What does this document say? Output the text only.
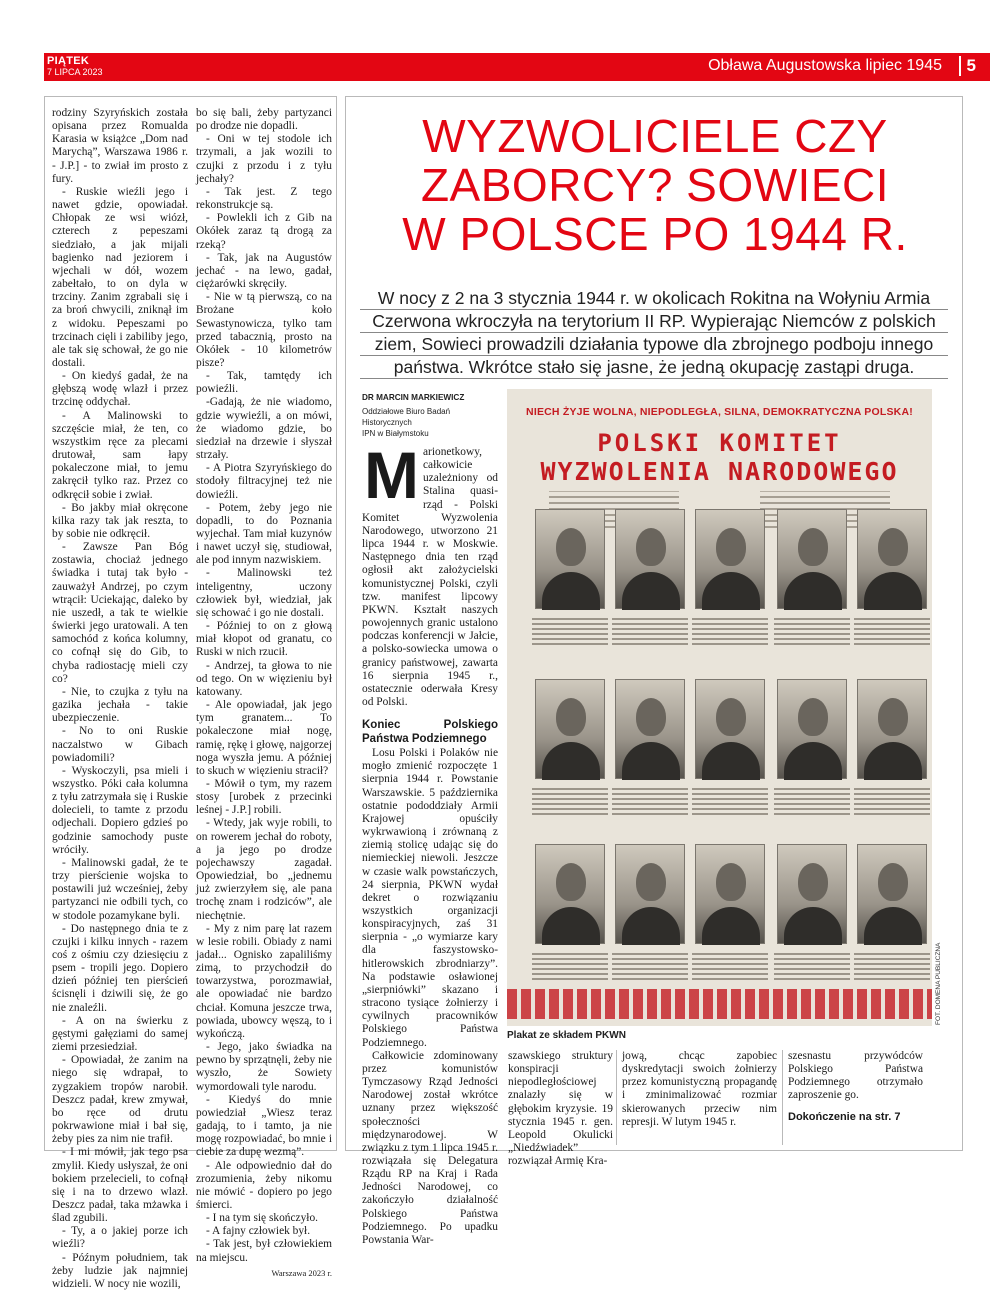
PIĄTEK
7 LIPCA 2023	Obława Augustowska lipiec 1945	5

rodziny Szyryńskich została opisana przez Romualda Karasia w książce „Dom nad Marychą”, Warszawa 1986 r. - J.P.] - to zwiał im prosto z fury.

- Ruskie wieźli jego i nawet gdzie, opowiadał. Chłopak ze wsi wiózł, czterech z pepeszami siedziało, a jak mijali bagienko nad jeziorem i wjechali w dół, wozem zabełtało, to on dyla w trzciny. Zanim zgrabali się i za broń chwycili, zniknął im z widoku. Pepeszami po trzcinach cięli i zabiliby jego, ale tak się schował, że go nie dostali.

- On kiedyś gadał, że na głębszą wodę wlazł i przez trzcinę oddychał.

- A Malinowski to szczęście miał, że ten, co wszystkim ręce za plecami drutował, sam łapy pokaleczone miał, to jemu zakręcił tylko raz. Przez co odkręcił sobie i zwiał.

- Bo jakby miał okręcone kilka razy tak jak reszta, to by sobie nie odkręcił.

- Zawsze Pan Bóg zostawia, chociaż jednego świadka i tutaj tak było - zauważył Andrzej, po czym wtrącił: Uciekając, daleko by nie uszedł, a tak te wielkie świerki jego uratowali. A ten samochód z końca kolumny, co cofnął się do Gib, to chyba radiostację mieli czy co?

- Nie, to czujka z tyłu na gazika jechała - takie ubezpieczenie.

- No to oni Ruskie naczalstwo w Gibach powiadomili?

- Wyskoczyli, psa mieli i wszystko. Póki cała kolumna z tyłu zatrzymała się i Ruskie dolecieli, to tamte z przodu odjechali. Dopiero gdzieś po godzinie samochody puste wróciły.

- Malinowski gadał, że te trzy pierścienie wojska to postawili już wcześniej, żeby partyzanci nie odbili tych, co w stodole pozamykane byli.

- Do następnego dnia te z czujki i kilku innych - razem coś z ośmiu czy dziesięciu z psem - tropili jego. Dopiero dzień później ten pierścień ścisnęli i dziwili się, że go nie znaleźli.

- A on na świerku z gęstymi gałęziami do samej ziemi przesiedział.

- Opowiadał, że zanim na niego się wdrapał, to zygzakiem tropów narobił. Deszcz padał, krew zmywał, bo ręce od drutu pokrwawione miał i bał się, żeby pies za nim nie trafił.

- I mi mówił, jak tego psa zmylił. Kiedy usłyszał, że oni bokiem przelecieli, to cofnął się i na to drzewo wlazł. Deszcz padał, taka mżawka i ślad zgubili.

- Ty, a o jakiej porze ich wieźli?

- Późnym południem, tak żeby ludzie jak najmniej widzieli. W nocy nie wozili,

bo się bali, żeby partyzanci po drodze nie dopadli.

- Oni w tej stodole ich trzymali, a jak wozili to czujki z przodu i z tyłu jechały?

- Tak jest. Z tego rekonstrukcje są.

- Powlekli ich z Gib na Okółek zaraz tą drogą za rzeką?

- Tak, jak na Augustów jechać - na lewo, gadał, ciężarówki skręciły.

- Nie w tą pierwszą, co na Brożane koło Sewastynowicza, tylko tam przed tabacznią, prosto na Okółek - 10 kilometrów pisze?

- Tak, tamtędy ich powieźli.

-Gadają, że nie wiadomo, gdzie wywieźli, a on mówi, że wiadomo gdzie, bo siedział na drzewie i słyszał strzały.

- A Piotra Szyryńskiego do stodoły filtracyjnej też nie dowieźli.

- Potem, żeby jego nie dopadli, to do Poznania wyjechał. Tam miał kuzynów i nawet uczył się, studiował, ale pod innym nazwiskiem.

- Malinowski też inteligentny, uczony człowiek był, wiedział, jak się schować i go nie dostali.

- Później to on z głową miał kłopot od granatu, co Ruski w nich rzucił.

- Andrzej, ta głowa to nie od tego. On w więzieniu był katowany.

- Ale opowiadał, jak jego tym granatem... To pokaleczone miał nogę, ramię, rękę i głowę, najgorzej noga wyszła jemu. A później to skuch w więzieniu stracił?

- Mówił o tym, my razem stosy [urobek z przecinki leśnej - J.P.] robili.

- Wtedy, jak wyje robili, to on rowerem jechał do roboty, a ja jego po drodze pojechawszy zagadał. Opowiedział, bo „jednemu już zwierzyłem się, ale pana trochę znam i rodziców”, ale niechętnie.

- My z nim parę lat razem w lesie robili. Obiady z nami jadał... Ognisko zapaliliśmy zimą, to przychodził do towarzystwa, porozmawiał, ale opowiadać nie bardzo chciał. Komuna jeszcze trwa, powiada, ubowcy węszą, to i wykończą.

- Jego, jako świadka na pewno by sprzątnęli, żeby nie wyszło, że Sowiety wymordowali tyle narodu.

- Kiedyś do mnie powiedział „Wiesz teraz gadają, to i tamto, ja nie mogę rozpowiadać, bo mnie i ciebie za dupę wezmą”.

- Ale odpowiednio dał do zrozumienia, żeby nikomu nie mówić - dopiero po jego śmierci.

- I na tym się skończyło.

- A fajny człowiek był.

- Tak jest, był człowiekiem na miejscu.

Warszawa 2023 r.

WYZWOLICIELE CZY
ZABORCY? SOWIECI
W POLSCE PO 1944 R.
W nocy z 2 na 3 stycznia 1944 r. w okolicach Rokitna na Wołyniu Armia
Czerwona wkroczyła na terytorium II RP. Wypierając Niemców z polskich
ziem, Sowieci prowadzili działania typowe dla zbrojnego podboju innego
państwa. Wkrótce stało się jasne, że jedną okupację zastąpi druga.
DR MARCIN MARKIEWICZ
Oddziałowe Biuro Badań Historycznych
IPN w Białymstoku

Marionetkowy, całkowicie uzależniony od Stalina quasi-rząd - Polski Komitet Wyzwolenia Narodowego, utworzono 21 lipca 1944 r. w Moskwie. Następnego dnia ten rząd ogłosił akt założycielski komunistycznej Polski, czyli tzw. manifest lipcowy PKWN. Kształt naszych powojennych granic ustalono podczas konferencji w Jałcie, a polsko-sowiecka umowa o granicy państwowej, zawarta 16 sierpnia 1945 r., ostatecznie oderwała Kresy od Polski.

Koniec Polskiego Państwa Podziemnego

Losu Polski i Polaków nie mogło zmienić rozpoczęte 1 sierpnia 1944 r. Powstanie Warszawskie. 5 października ostatnie pododdziały Armii Krajowej opuściły wykrwawioną i zrównaną z ziemią stolicę udając się do niemieckiej niewoli. Jeszcze w czasie walk powstańczych, 24 sierpnia, PKWN wydał dekret o rozwiązaniu wszystkich organizacji konspiracyjnych, zaś 31 sierpnia - „o wymiarze kary dla faszystowsko-hitlerowskich zbrodniarzy”. Na podstawie osławionej „sierpniówki” skazano i stracono tysiące żołnierzy i cywilnych pracowników Polskiego Państwa Podziemnego.

Całkowicie zdominowany przez komunistów Tymczasowy Rząd Jedności Narodowej został wkrótce uznany przez większość społeczności międzynarodowej. W związku z tym 1 lipca 1945 r. rozwiązała się Delegatura Rządu RP na Kraj i Rada Jedności Narodowej, co zakończyło działalność Polskiego Państwa Podziemnego. Po upadku Powstania War-

NIECH ŻYJE WOLNA, NIEPODLEGŁA, SILNA, DEMOKRATYCZNA POLSKA!
POLSKI KOMITET
WYZWOLENIA NARODOWEGO
FOT. DOMENA PUBLICZNA
Plakat ze składem PKWN

szawskiego struktury konspiracji niepodległościowej znalazły się w głębokim kryzysie. 19 stycznia 1945 r. gen. Leopold Okulicki „Niedźwiadek” rozwiązał Armię Kra-

jową, chcąc zapobiec dyskredytacji swoich żołnierzy przez komunistyczną propagandę i zminimalizować rozmiar skierowanych przeciw nim represji. W lutym 1945 r.

szesnastu przywódców Polskiego Państwa Podziemnego otrzymało zaproszenie go.

Dokończenie na str. 7
